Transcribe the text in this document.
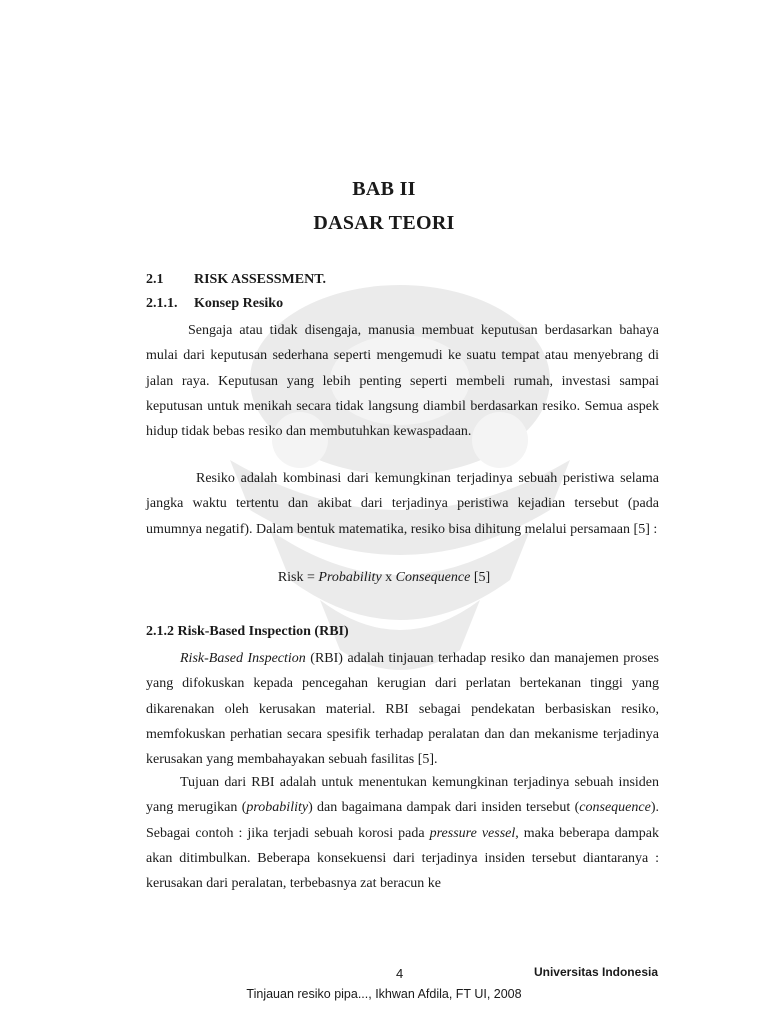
BAB II
DASAR TEORI
2.1 RISK ASSESSMENT.
2.1.1. Konsep Resiko

Sengaja atau tidak disengaja, manusia membuat keputusan berdasarkan bahaya mulai dari keputusan sederhana seperti mengemudi ke suatu tempat atau menyebrang di jalan raya. Keputusan yang lebih penting seperti membeli rumah, investasi sampai keputusan untuk menikah secara tidak langsung diambil berdasarkan resiko. Semua aspek hidup tidak bebas resiko dan membutuhkan kewaspadaan.

Resiko adalah kombinasi dari kemungkinan terjadinya sebuah peristiwa selama jangka waktu tertentu dan akibat dari terjadinya peristiwa kejadian tersebut (pada umumnya negatif). Dalam bentuk matematika, resiko bisa dihitung melalui persamaan [5] :

Risk = Probability x Consequence [5]
2.1.2 Risk-Based Inspection (RBI)

Risk-Based Inspection (RBI) adalah tinjauan terhadap resiko dan manajemen proses yang difokuskan kepada pencegahan kerugian dari perlatan bertekanan tinggi yang dikarenakan oleh kerusakan material. RBI sebagai pendekatan berbasiskan resiko, memfokuskan perhatian secara spesifik terhadap peralatan dan dan mekanisme terjadinya kerusakan yang membahayakan sebuah fasilitas [5].

Tujuan dari RBI adalah untuk menentukan kemungkinan terjadinya sebuah insiden yang merugikan (probability) dan bagaimana dampak dari insiden tersebut (consequence). Sebagai contoh : jika terjadi sebuah korosi pada pressure vessel, maka beberapa dampak akan ditimbulkan. Beberapa konsekuensi dari terjadinya insiden tersebut diantaranya : kerusakan dari peralatan, terbebasnya zat beracun ke

4	Universitas Indonesia
Tinjauan resiko pipa..., Ikhwan Afdila, FT UI, 2008
